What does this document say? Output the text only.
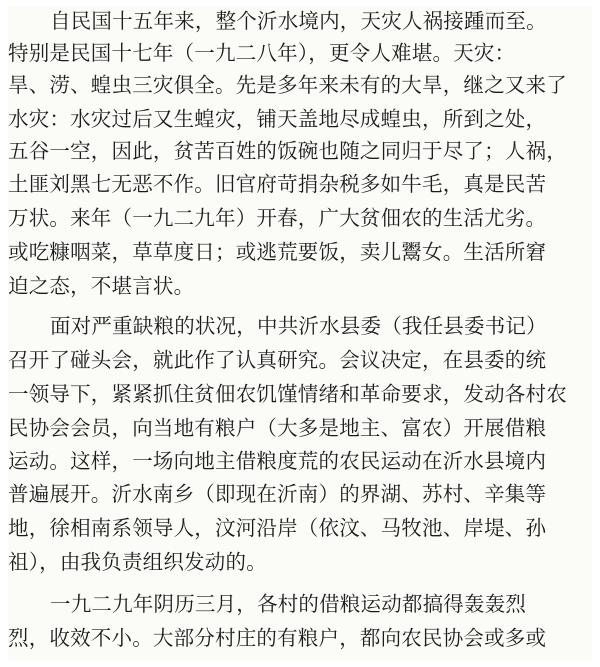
自民国十五年来，整个沂水境内，天灾人祸接踵而至。
特别是民国十七年（一九二八年），更令人难堪。天灾：
旱、涝、蝗虫三灾俱全。先是多年来未有的大旱，继之又来了
水灾：水灾过后又生蝗灾，铺天盖地尽成蝗虫，所到之处，
五谷一空，因此，贫苦百姓的饭碗也随之同归于尽了；人祸，
土匪刘黑七无恶不作。旧官府苛捐杂税多如牛毛，真是民苦
万状。来年（一九二九年）开春，广大贫佃农的生活尤劣。
或吃糠咽菜，草草度日；或逃荒要饭，卖儿鬻女。生活所窘
迫之态，不堪言状。
面对严重缺粮的状况，中共沂水县委（我任县委书记）
召开了碰头会，就此作了认真研究。会议决定，在县委的统
一领导下，紧紧抓住贫佃农饥馑情绪和革命要求，发动各村农
民协会会员，向当地有粮户（大多是地主、富农）开展借粮
运动。这样，一场向地主借粮度荒的农民运动在沂水县境内
普遍展开。沂水南乡（即现在沂南）的界湖、苏村、辛集等
地，徐相南系领导人，汶河沿岸（依汶、马牧池、岸堤、孙
祖），由我负责组织发动的。
一九二九年阴历三月，各村的借粮运动都搞得轰轰烈
烈，收效不小。大部分村庄的有粮户，都向农民协会或多或
